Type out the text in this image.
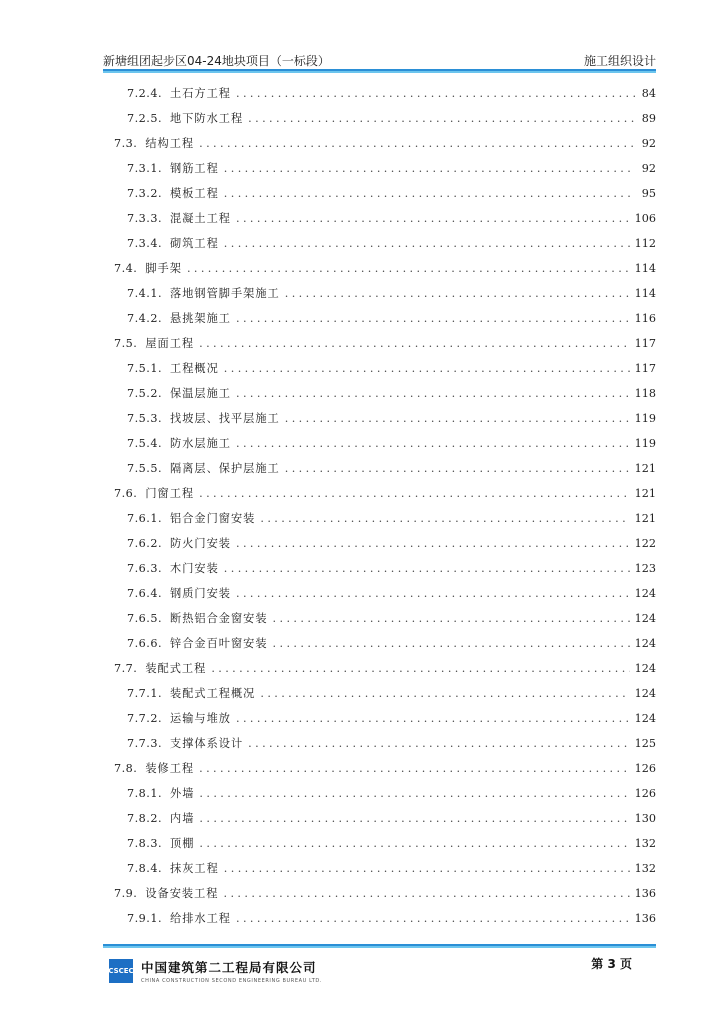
新塘组团起步区04-24地块项目（一标段）	施工组织设计
7.2.4. 土石方工程 .....	84
7.2.5. 地下防水工程 .....	89
7.3. 结构工程 .....	92
7.3.1. 钢筋工程 .....	92
7.3.2. 模板工程 .....	95
7.3.3. 混凝土工程 .....	106
7.3.4. 砌筑工程 .....	112
7.4. 脚手架 .....	114
7.4.1. 落地钢管脚手架施工 .....	114
7.4.2. 悬挑架施工 .....	116
7.5. 屋面工程 .....	117
7.5.1. 工程概况 .....	117
7.5.2. 保温层施工 .....	118
7.5.3. 找坡层、找平层施工 .....	119
7.5.4. 防水层施工 .....	119
7.5.5. 隔离层、保护层施工 .....	121
7.6. 门窗工程 .....	121
7.6.1. 铝合金门窗安装 .....	121
7.6.2. 防火门安装 .....	122
7.6.3. 木门安装 .....	123
7.6.4. 钢质门安装 .....	124
7.6.5. 断热铝合金窗安装 .....	124
7.6.6. 锌合金百叶窗安装 .....	124
7.7. 装配式工程 .....	124
7.7.1. 装配式工程概况 .....	124
7.7.2. 运输与堆放 .....	124
7.7.3. 支撑体系设计 .....	125
7.8. 装修工程 .....	126
7.8.1. 外墙 .....	126
7.8.2. 内墙 .....	130
7.8.3. 顶棚 .....	132
7.8.4. 抹灰工程 .....	132
7.9. 设备安装工程 .....	136
7.9.1. 给排水工程 .....	136
CSCEC 中国建筑第二工程局有限公司
CHINA CONSTRUCTION SECOND ENGINEERING BUREAU LTD.
第 3 页
